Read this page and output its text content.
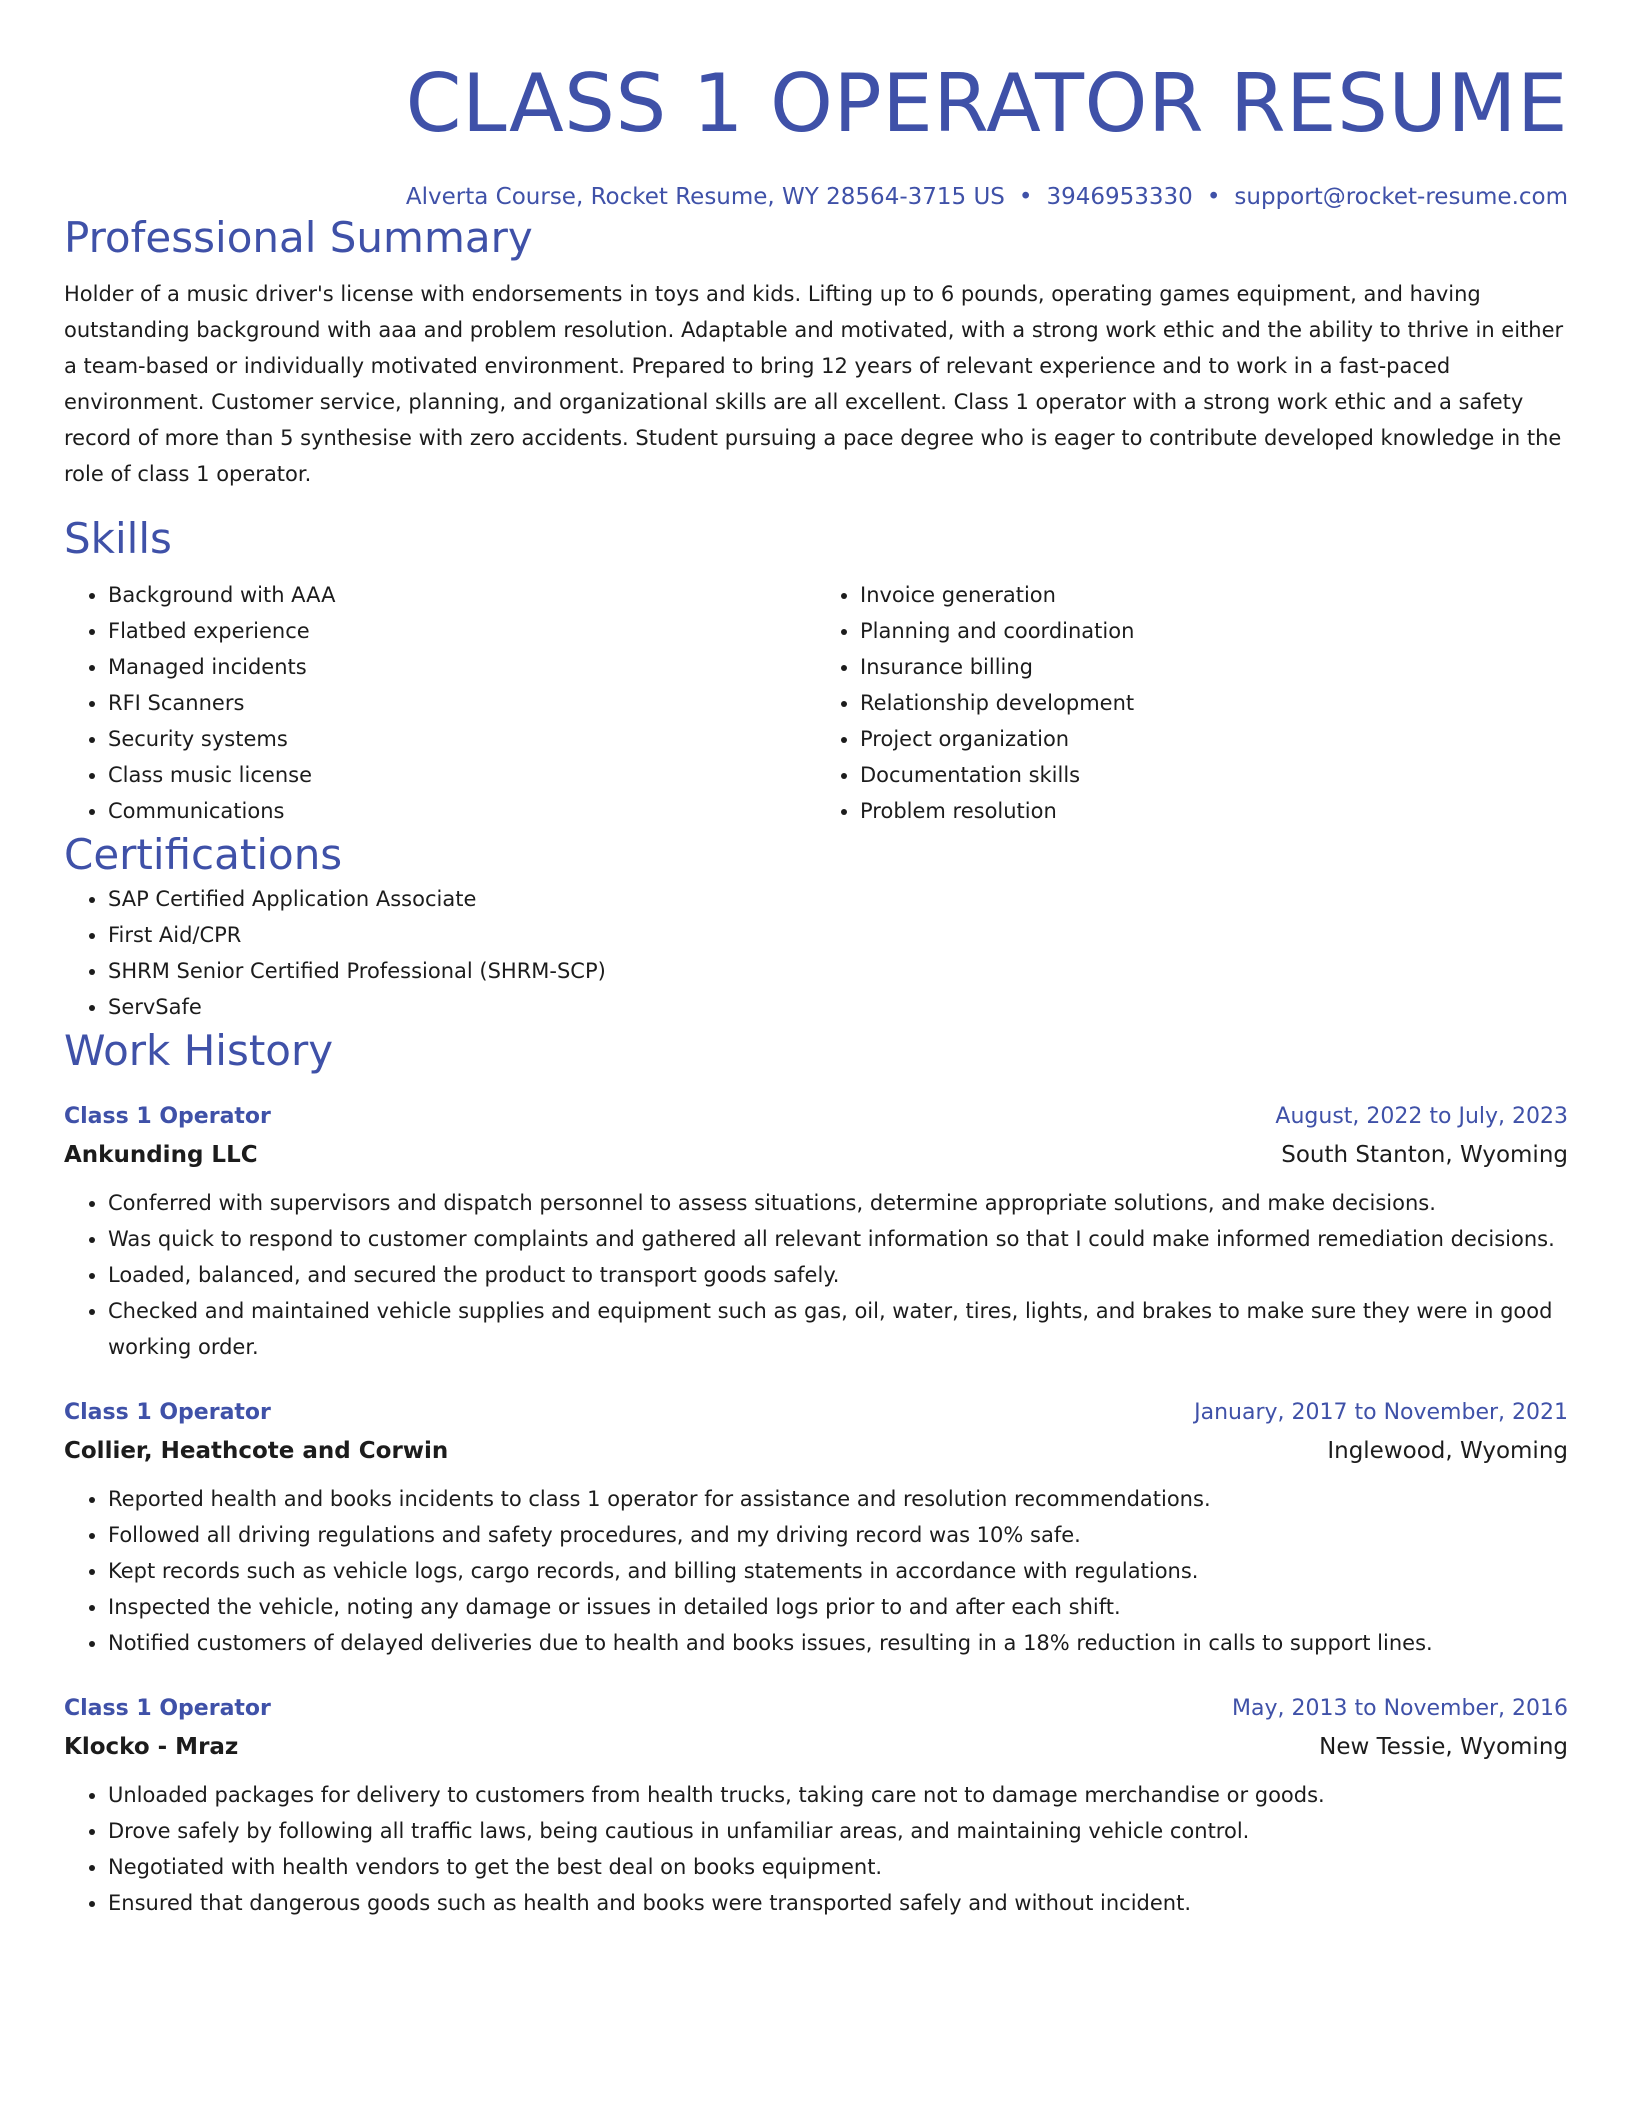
CLASS 1 OPERATOR RESUME
Alverta Course, Rocket Resume, WY 28564-3715 US • 3946953330 • support@rocket-resume.com
Professional Summary

Holder of a music driver's license with endorsements in toys and kids. Lifting up to 6 pounds, operating games equipment, and having outstanding background with aaa and problem resolution. Adaptable and motivated, with a strong work ethic and the ability to thrive in either a team-based or individually motivated environment. Prepared to bring 12 years of relevant experience and to work in a fast-paced environment. Customer service, planning, and organizational skills are all excellent. Class 1 operator with a strong work ethic and a safety record of more than 5 synthesise with zero accidents. Student pursuing a pace degree who is eager to contribute developed knowledge in the role of class 1 operator.

Skills
• Background with AAA
• Flatbed experience
• Managed incidents
• RFI Scanners
• Security systems
• Class music license
• Communications
• Invoice generation
• Planning and coordination
• Insurance billing
• Relationship development
• Project organization
• Documentation skills
• Problem resolution
Certifications
• SAP Certified Application Associate
• First Aid/CPR
• SHRM Senior Certified Professional (SHRM-SCP)
• ServSafe
Work History
Class 1 Operator	August, 2022 to July, 2023
Ankunding LLC	South Stanton, Wyoming
• Conferred with supervisors and dispatch personnel to assess situations, determine appropriate solutions, and make decisions.
• Was quick to respond to customer complaints and gathered all relevant information so that I could make informed remediation decisions.
• Loaded, balanced, and secured the product to transport goods safely.
• Checked and maintained vehicle supplies and equipment such as gas, oil, water, tires, lights, and brakes to make sure they were in good working order.
Class 1 Operator	January, 2017 to November, 2021
Collier, Heathcote and Corwin	Inglewood, Wyoming
• Reported health and books incidents to class 1 operator for assistance and resolution recommendations.
• Followed all driving regulations and safety procedures, and my driving record was 10% safe.
• Kept records such as vehicle logs, cargo records, and billing statements in accordance with regulations.
• Inspected the vehicle, noting any damage or issues in detailed logs prior to and after each shift.
• Notified customers of delayed deliveries due to health and books issues, resulting in a 18% reduction in calls to support lines.
Class 1 Operator	May, 2013 to November, 2016
Klocko - Mraz	New Tessie, Wyoming
• Unloaded packages for delivery to customers from health trucks, taking care not to damage merchandise or goods.
• Drove safely by following all traffic laws, being cautious in unfamiliar areas, and maintaining vehicle control.
• Negotiated with health vendors to get the best deal on books equipment.
• Ensured that dangerous goods such as health and books were transported safely and without incident.
